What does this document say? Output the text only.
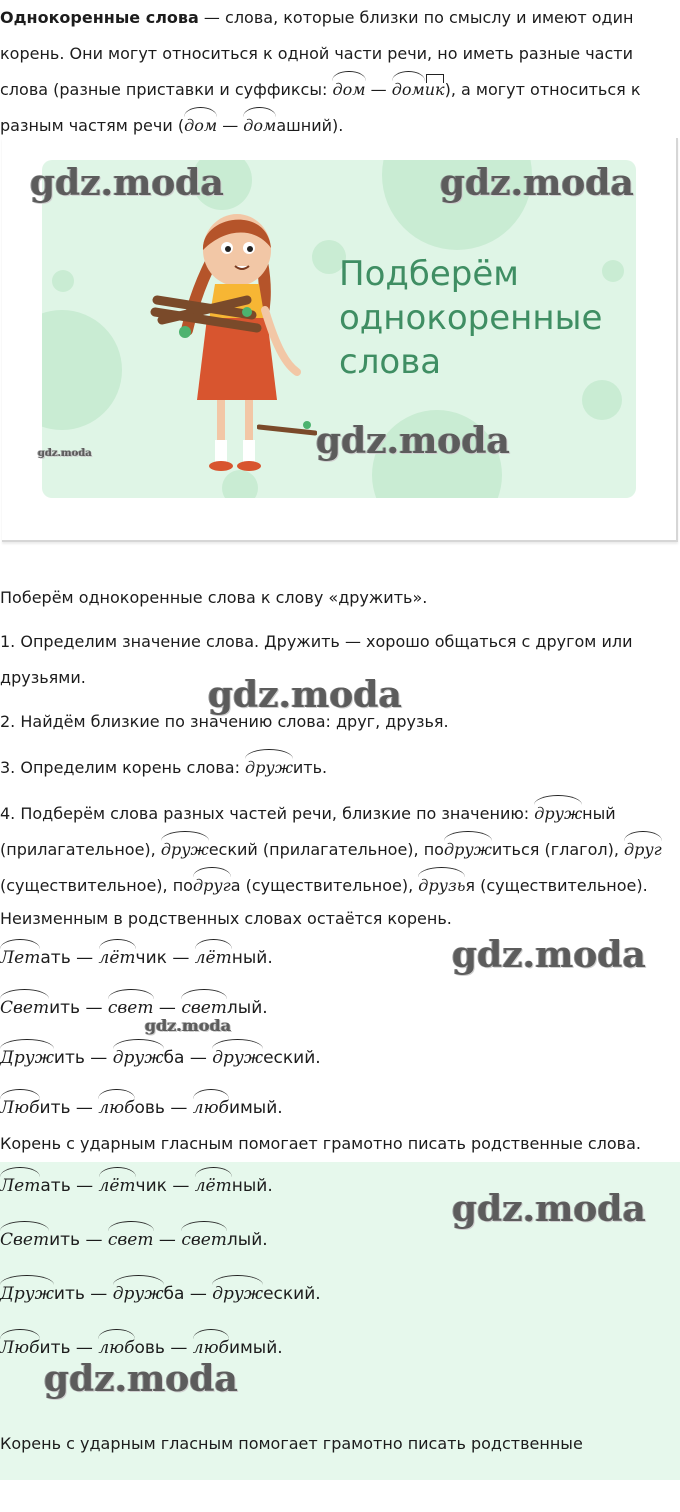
Однокоренные слова — слова, которые близки по смыслу и имеют один корень. Они могут относиться к одной части речи, но иметь разные части слова (разные приставки и суффиксы: дом — домик), а могут относиться к разным частям речи (дом — домашний).

Подберём однокоренные слова

gdz.moda	gdz.moda
gdz.moda
gdz.moda

Поберём однокоренные слова к слову «дружить».

1. Определим значение слова. Дружить — хорошо общаться с другом или друзьями.	gdz.moda

2. Найдём близкие по значению слова: друг, друзья.

3. Определим корень слова: дружить.

4. Подберём слова разных частей речи, близкие по значению: дружный (прилагательное), дружеский (прилагательное), подружиться (глагол), друг (существительное), подруга (существительное), друзья (существительное).

Неизменным в родственных словах остаётся корень.

Летать — лётчик — лётный.

Светить — свет — светлый.

Дружить — дружба — дружеский.

Любить — любовь — любимый.

gdz.moda
gdz.moda

Корень с ударным гласным помогает грамотно писать родственные слова.

Летать — лётчик — лётный.

Светить — свет — светлый.

Дружить — дружба — дружеский.

Любить — любовь — любимый.

Корень с ударным гласным помогает грамотно писать родственные

gdz.moda
gdz.moda
